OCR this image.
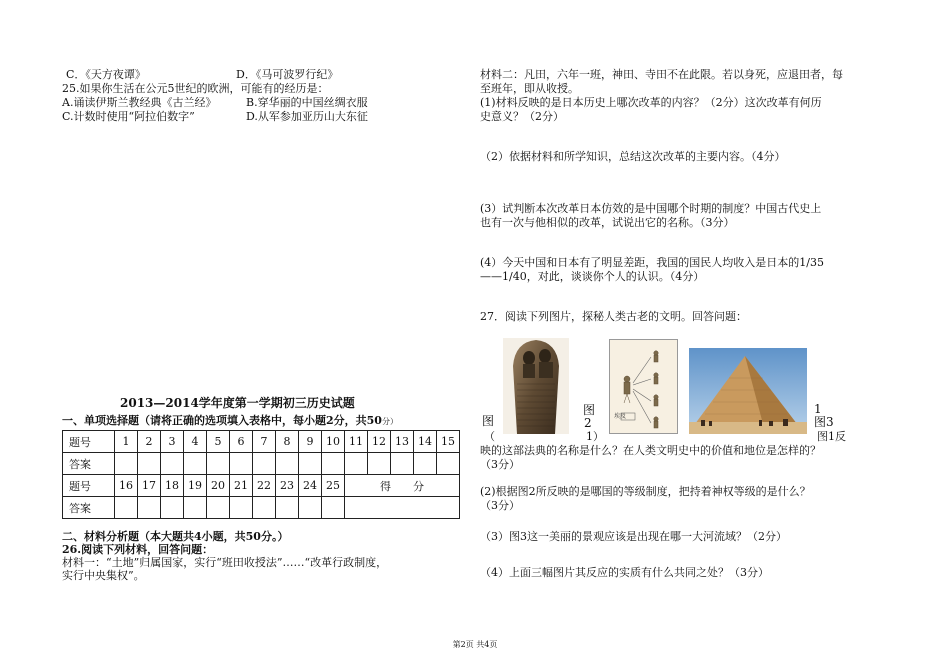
C．《天方夜谭》	D．《马可波罗行纪》
25.如果你生活在公元5世纪的欧洲，可能有的经历是：
A.诵读伊斯兰教经典《古兰经》	B.穿华丽的中国丝绸衣服
C.计数时使用“阿拉伯数字”	D.从军参加亚历山大东征
2013—2014学年度第一学期初三历史试题
一、单项选择题（请将正确的选项填入表格中，每小题2分，共50分）
题号	1	2	3	4	5	6	7	8	9	10	11	12	13	14	15
答案															
题号	16	17	18	19	20	21	22	23	24	25	得　　分				
答案															
二、材料分析题（本大题共4小题，共50分。）
26.阅读下列材料，回答问题：
材料一：“土地”归属国家，实行“班田收授法”……“改革行政制度，
实行中央集权”。
材料二：凡田，六年一班，神田、寺田不在此限。若以身死，应退田者，每
至班年，即从收授。
(1)材料反映的是日本历史上哪次改革的内容？（2分）这次改革有何历
史意义？（2分）
（2）依据材料和所学知识，总结这次改革的主要内容。（4分）
(3）试判断本次改革日本仿效的是中国哪个时期的制度？中国古代史上
也有一次与他相似的改革，试说出它的名称。（3分）
(4）今天中国和日本有了明显差距，我国的国民人均收入是日本的1/35
——1/40，对此，谈谈你个人的认识。（4分）
27．阅读下列图片，探秘人类古老的文明。回答问题：
埃及
图
（
图
2
1）
1
图3
图1反
映的这部法典的名称是什么？在人类文明史中的价值和地位是怎样的？
（3分）
(2)根据图2所反映的是哪国的等级制度，把持着神权等级的是什么？
（3分）
（3）图3这一美丽的景观应该是出现在哪一大河流域？（2分）
（4）上面三幅图片其反应的实质有什么共同之处？（3分）
第2页 共4页
